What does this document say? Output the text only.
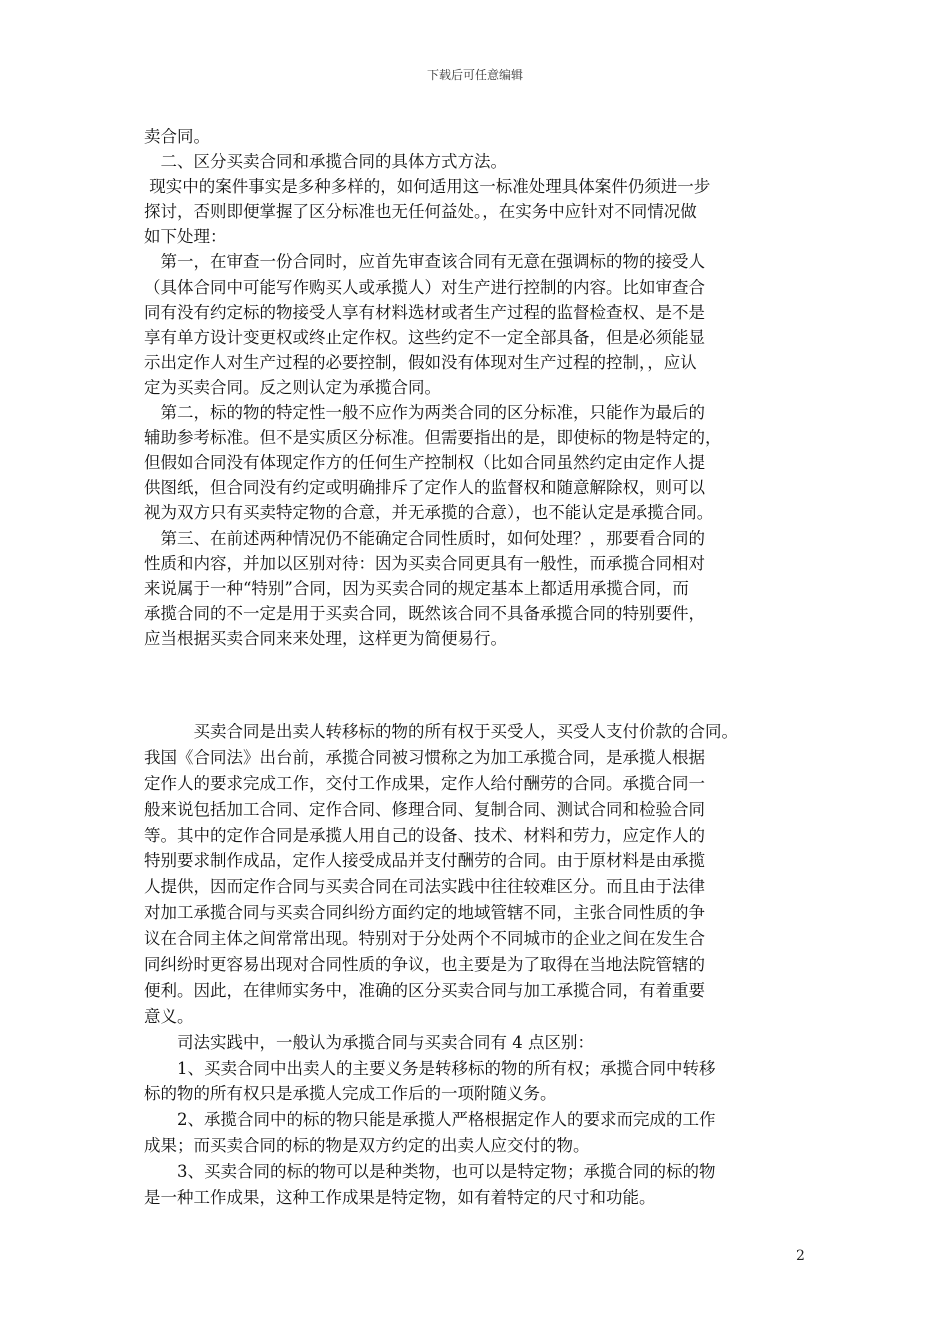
下载后可任意编辑
卖合同。
　二、区分买卖合同和承揽合同的具体方式方法。
现实中的案件事实是多种多样的，如何适用这一标准处理具体案件仍须进一步
探讨，否则即便掌握了区分标准也无任何益处。，在实务中应针对不同情况做
如下处理：
　第一，在审查一份合同时，应首先审查该合同有无意在强调标的物的接受人
（具体合同中可能写作购买人或承揽人）对生产进行控制的内容。比如审查合
同有没有约定标的物接受人享有材料选材或者生产过程的监督检查权、是不是
享有单方设计变更权或终止定作权。这些约定不一定全部具备，但是必须能显
示出定作人对生产过程的必要控制，假如没有体现对生产过程的控制，，应认
定为买卖合同。反之则认定为承揽合同。
　第二，标的物的特定性一般不应作为两类合同的区分标准，只能作为最后的
辅助参考标准。但不是实质区分标准。但需要指出的是，即使标的物是特定的，
但假如合同没有体现定作方的任何生产控制权（比如合同虽然约定由定作人提
供图纸，但合同没有约定或明确排斥了定作人的监督权和随意解除权，则可以
视为双方只有买卖特定物的合意，并无承揽的合意），也不能认定是承揽合同。
　第三、在前述两种情况仍不能确定合同性质时，如何处理？，那要看合同的
性质和内容，并加以区别对待：因为买卖合同更具有一般性，而承揽合同相对
来说属于一种“特别”合同，因为买卖合同的规定基本上都适用承揽合同，而
承揽合同的不一定是用于买卖合同，既然该合同不具备承揽合同的特别要件，
应当根据买卖合同来来处理，这样更为简便易行。
　　　买卖合同是出卖人转移标的物的所有权于买受人，买受人支付价款的合同。
我国《合同法》出台前，承揽合同被习惯称之为加工承揽合同，是承揽人根据
定作人的要求完成工作，交付工作成果，定作人给付酬劳的合同。承揽合同一
般来说包括加工合同、定作合同、修理合同、复制合同、测试合同和检验合同
等。其中的定作合同是承揽人用自己的设备、技术、材料和劳力，应定作人的
特别要求制作成品，定作人接受成品并支付酬劳的合同。由于原材料是由承揽
人提供，因而定作合同与买卖合同在司法实践中往往较难区分。而且由于法律
对加工承揽合同与买卖合同纠纷方面约定的地域管辖不同，主张合同性质的争
议在合同主体之间常常出现。特别对于分处两个不同城市的企业之间在发生合
同纠纷时更容易出现对合同性质的争议，也主要是为了取得在当地法院管辖的
便利。因此，在律师实务中，准确的区分买卖合同与加工承揽合同，有着重要
意义。
　　司法实践中，一般认为承揽合同与买卖合同有 4 点区别：
　　1、买卖合同中出卖人的主要义务是转移标的物的所有权；承揽合同中转移
标的物的所有权只是承揽人完成工作后的一项附随义务。
　　2、承揽合同中的标的物只能是承揽人严格根据定作人的要求而完成的工作
成果；而买卖合同的标的物是双方约定的出卖人应交付的物。
　　3、买卖合同的标的物可以是种类物，也可以是特定物；承揽合同的标的物
是一种工作成果，这种工作成果是特定物，如有着特定的尺寸和功能。
2
